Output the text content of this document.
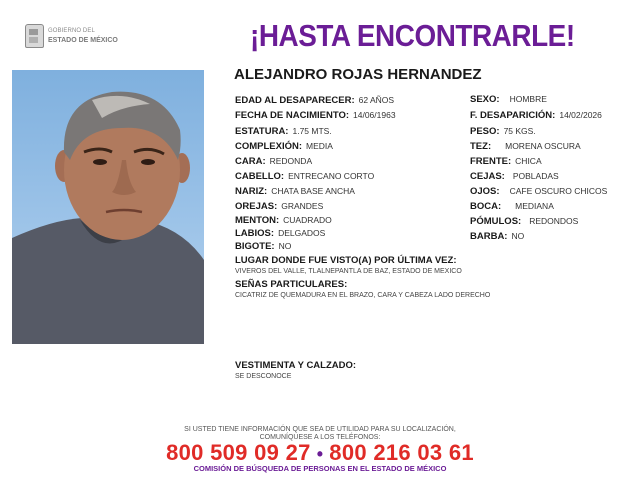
GOBIERNO DEL
ESTADO DE MÉXICO	¡HASTA ENCONTRARLE!
ALEJANDRO ROJAS HERNANDEZ
EDAD AL DESAPARECER: 62 AÑOS
FECHA DE NACIMIENTO: 14/06/1963
ESTATURA: 1.75 MTS.
COMPLEXIÓN: MEDIA
CARA: REDONDA
CABELLO: ENTRECANO CORTO
NARIZ: CHATA BASE ANCHA
OREJAS: GRANDES
MENTON: CUADRADO
LABIOS: DELGADOS
BIGOTE: NO
SEXO: HOMBRE
F. DESAPARICIÓN: 14/02/2026
PESO: 75 KGS.
TEZ: MORENA OSCURA
FRENTE: CHICA
CEJAS: POBLADAS
OJOS: CAFE OSCURO CHICOS
BOCA: MEDIANA
PÓMULOS: REDONDOS
BARBA: NO
LUGAR DONDE FUE VISTO(A) POR ÚLTIMA VEZ:
VIVEROS DEL VALLE, TLALNEPANTLA DE BAZ, ESTADO DE MEXICO
SEÑAS PARTICULARES:
CICATRIZ DE QUEMADURA EN EL BRAZO, CARA Y CABEZA LADO DERECHO
VESTIMENTA Y CALZADO:
SE DESCONOCE
SI USTED TIENE INFORMACIÓN QUE SEA DE UTILIDAD PARA SU LOCALIZACIÓN,
COMUNÍQUESE A LOS TELÉFONOS:
800 509 09 27 • 800 216 03 61
COMISIÓN DE BÚSQUEDA DE PERSONAS EN EL ESTADO DE MÉXICO
